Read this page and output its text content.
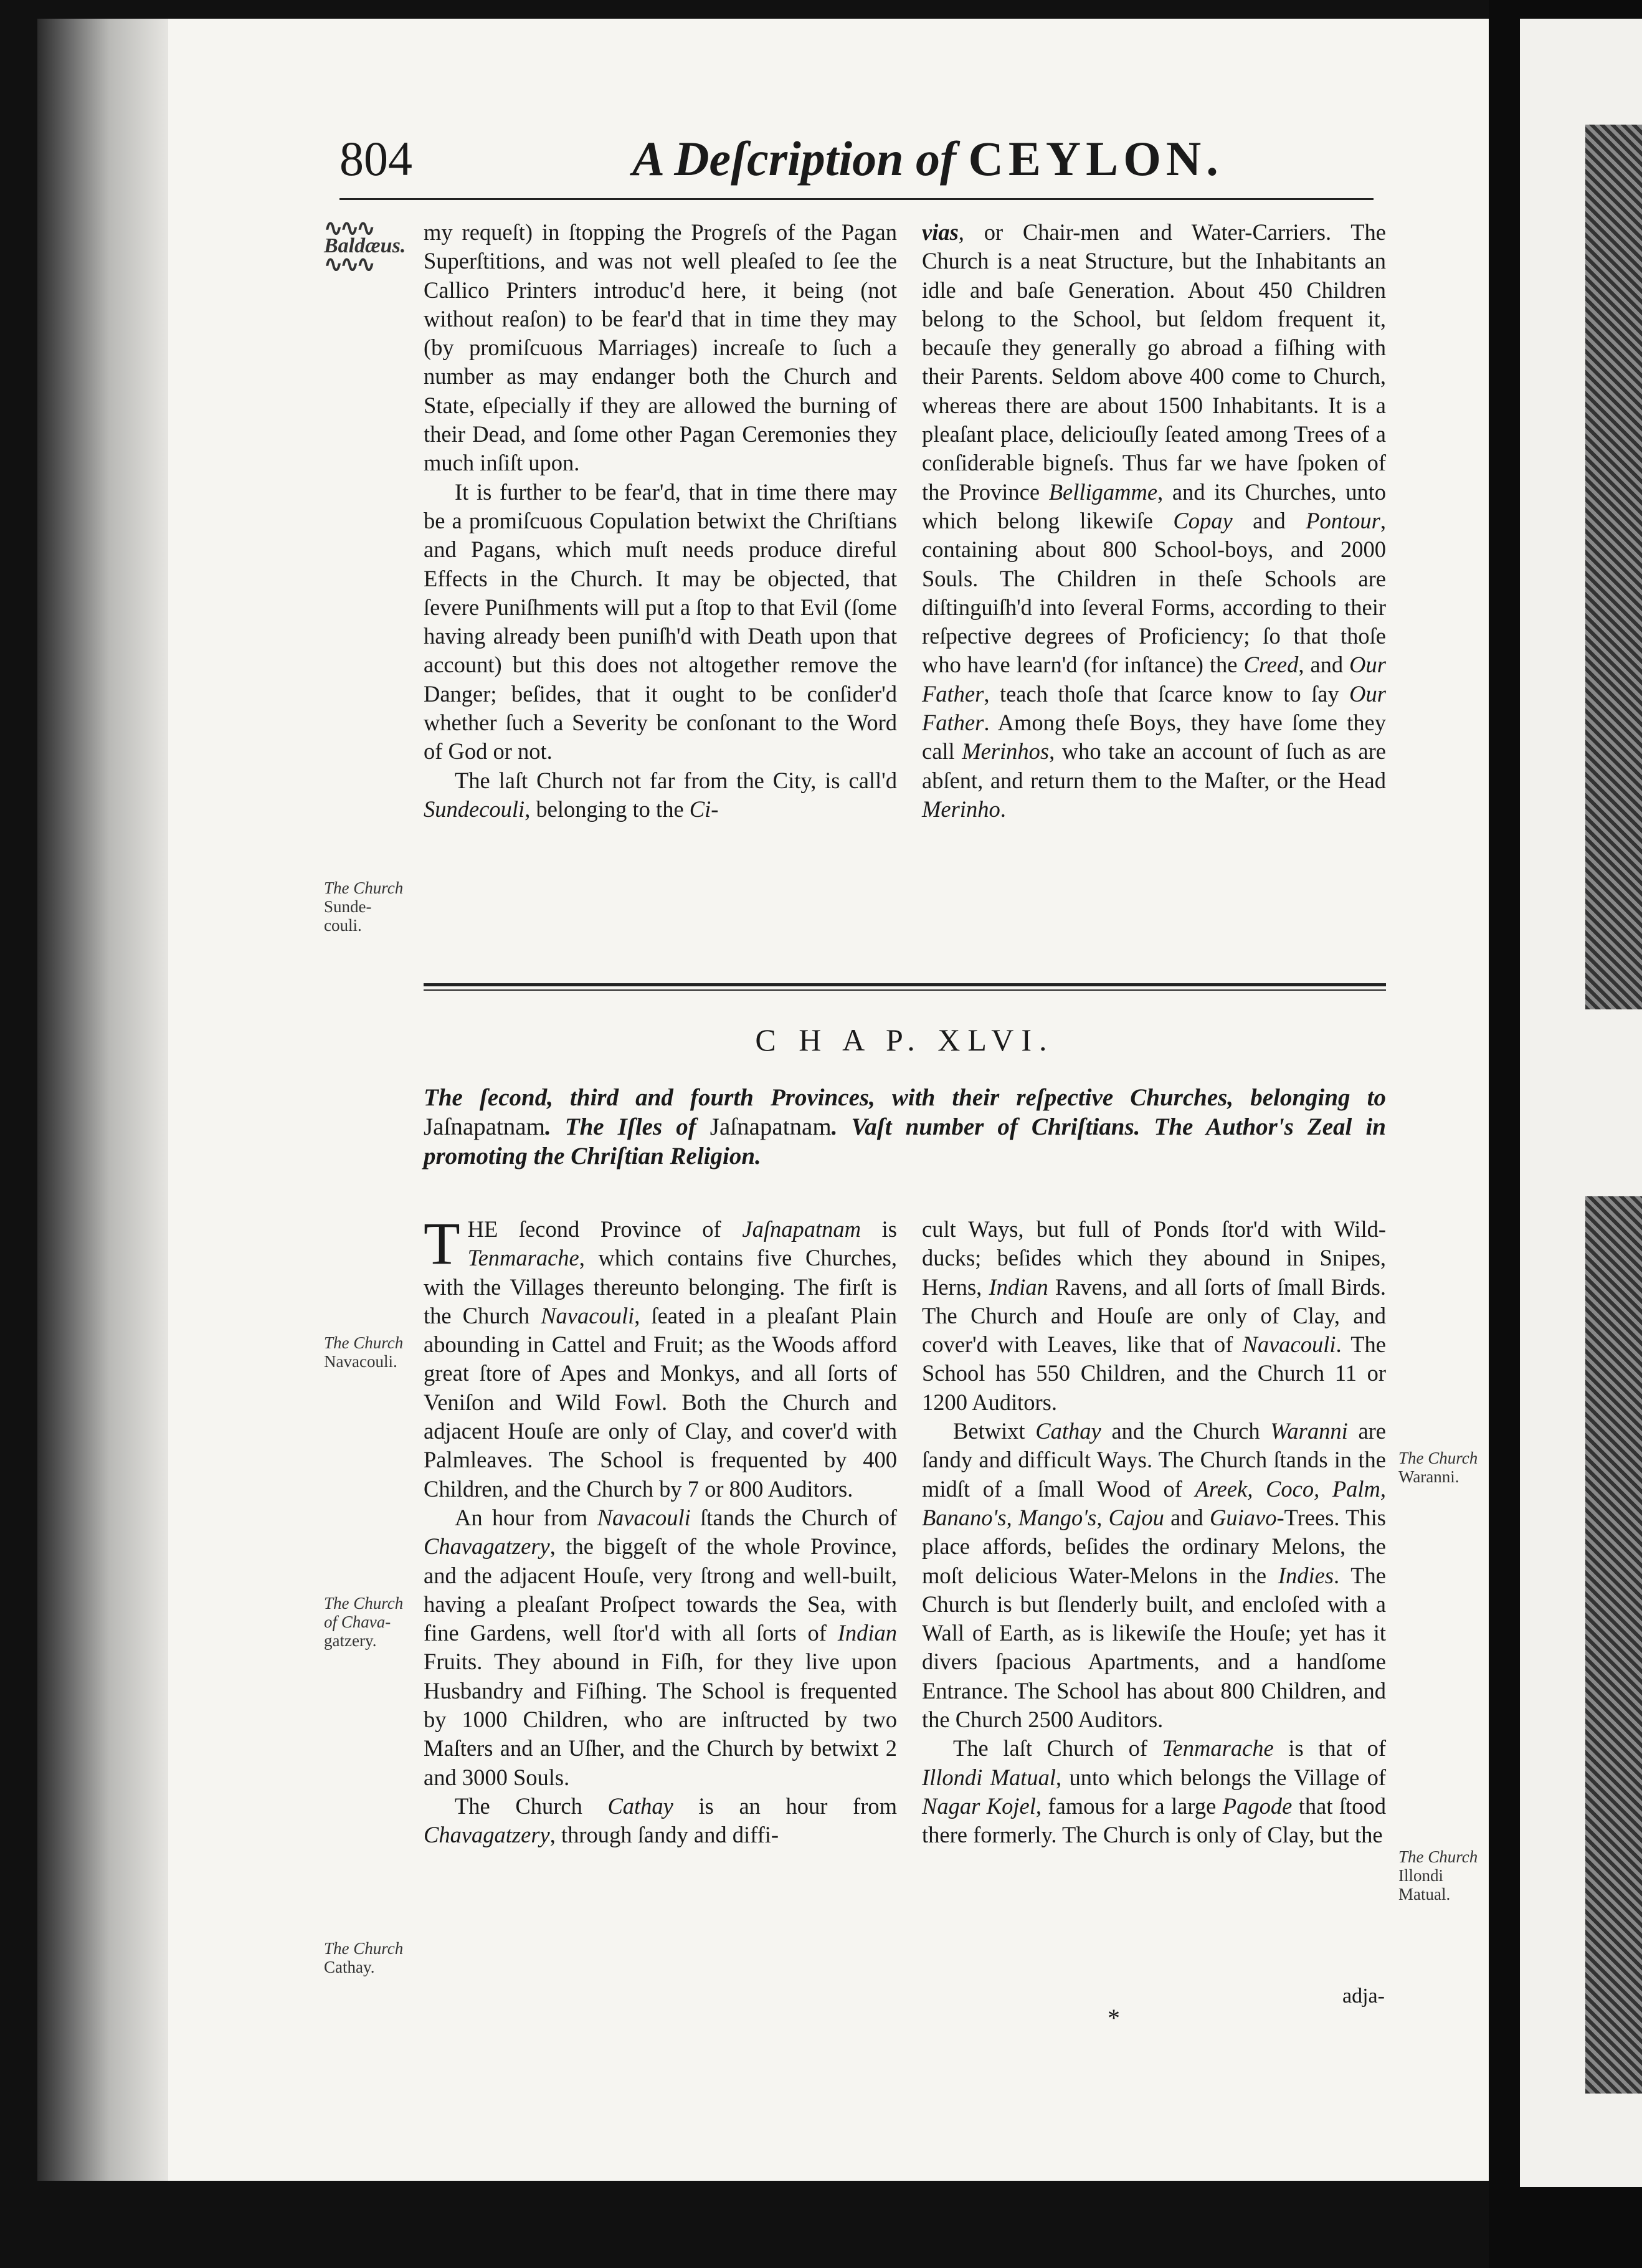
804	A Deſcription of CEYLON.
∿∿∿
Baldæus.
∿∿∿

my requeſt) in ſtopping the Progreſs of the Pagan Superſtitions, and was not well pleaſed to ſee the Callico Printers introduc'd here, it being (not without reaſon) to be fear'd that in time they may (by promiſcuous Marriages) increaſe to ſuch a number as may endanger both the Church and State, eſpecially if they are allowed the burning of their Dead, and ſome other Pagan Ceremonies they much inſiſt upon.

It is further to be fear'd, that in time there may be a promiſcuous Copulation betwixt the Chriſtians and Pagans, which muſt needs produce direful Effects in the Church. It may be objected, that ſevere Puniſhments will put a ſtop to that Evil (ſome having already been puniſh'd with Death upon that account) but this does not altogether remove the Danger; beſides, that it ought to be conſider'd whether ſuch a Severity be conſonant to the Word of God or not.

The laſt Church not far from the City, is call'd Sundecouli, belonging to the Ci-

The Church
Sunde-
couli.

vias, or Chair-men and Water-Carriers. The Church is a neat Structure, but the Inhabitants an idle and baſe Generation. About 450 Children belong to the School, but ſeldom frequent it, becauſe they generally go abroad a fiſhing with their Parents. Seldom above 400 come to Church, whereas there are about 1500 Inhabitants. It is a pleaſant place, deliciouſly ſeated among Trees of a conſiderable bigneſs. Thus far we have ſpoken of the Province Belligamme, and its Churches, unto which belong likewiſe Copay and Pontour, containing about 800 School-boys, and 2000 Souls. The Children in theſe Schools are diſtinguiſh'd into ſeveral Forms, according to their reſpective degrees of Proficiency; ſo that thoſe who have learn'd (for inſtance) the Creed, and Our Father, teach thoſe that ſcarce know to ſay Our Father. Among theſe Boys, they have ſome they call Merinhos, who take an account of ſuch as are abſent, and return them to the Maſter, or the Head Merinho.

C H A P. XLVI.
The ſecond, third and fourth Provinces, with their reſpective Churches, belonging to Jaſnapatnam. The Iſles of Jaſnapatnam. Vaſt number of Chriſtians. The Author's Zeal in promoting the Chriſtian Religion.
The Church
Navacouli.
The Church
of Chava-
gatzery.
The Church
Cathay.
The Church
Waranni.
The Church
Illondi
Matual.

THE ſecond Province of Jaſnapatnam is Tenmarache, which contains five Churches, with the Villages thereunto belonging. The firſt is the Church Navacouli, ſeated in a pleaſant Plain abounding in Cattel and Fruit; as the Woods afford great ſtore of Apes and Monkys, and all ſorts of Veniſon and Wild Fowl. Both the Church and adjacent Houſe are only of Clay, and cover'd with Palmleaves. The School is frequented by 400 Children, and the Church by 7 or 800 Auditors.

An hour from Navacouli ſtands the Church of Chavagatzery, the biggeſt of the whole Province, and the adjacent Houſe, very ſtrong and well-built, having a pleaſant Proſpect towards the Sea, with fine Gardens, well ſtor'd with all ſorts of Indian Fruits. They abound in Fiſh, for they live upon Husbandry and Fiſhing. The School is frequented by 1000 Children, who are inſtructed by two Maſters and an Uſher, and the Church by betwixt 2 and 3000 Souls.

The Church Cathay is an hour from Chavagatzery, through ſandy and diffi-

cult Ways, but full of Ponds ſtor'd with Wild-ducks; beſides which they abound in Snipes, Herns, Indian Ravens, and all ſorts of ſmall Birds. The Church and Houſe are only of Clay, and cover'd with Leaves, like that of Navacouli. The School has 550 Children, and the Church 11 or 1200 Auditors.

Betwixt Cathay and the Church Waranni are ſandy and difficult Ways. The Church ſtands in the midſt of a ſmall Wood of Areek, Coco, Palm, Banano's, Mango's, Cajou and Guiavo-Trees. This place affords, beſides the ordinary Melons, the moſt delicious Water-Melons in the Indies. The Church is but ſlenderly built, and encloſed with a Wall of Earth, as is likewiſe the Houſe; yet has it divers ſpacious Apartments, and a handſome Entrance. The School has about 800 Children, and the Church 2500 Auditors.

The laſt Church of Tenmarache is that of Illondi Matual, unto which belongs the Village of Nagar Kojel, famous for a large Pagode that ſtood there formerly. The Church is only of Clay, but the

*
adja-
